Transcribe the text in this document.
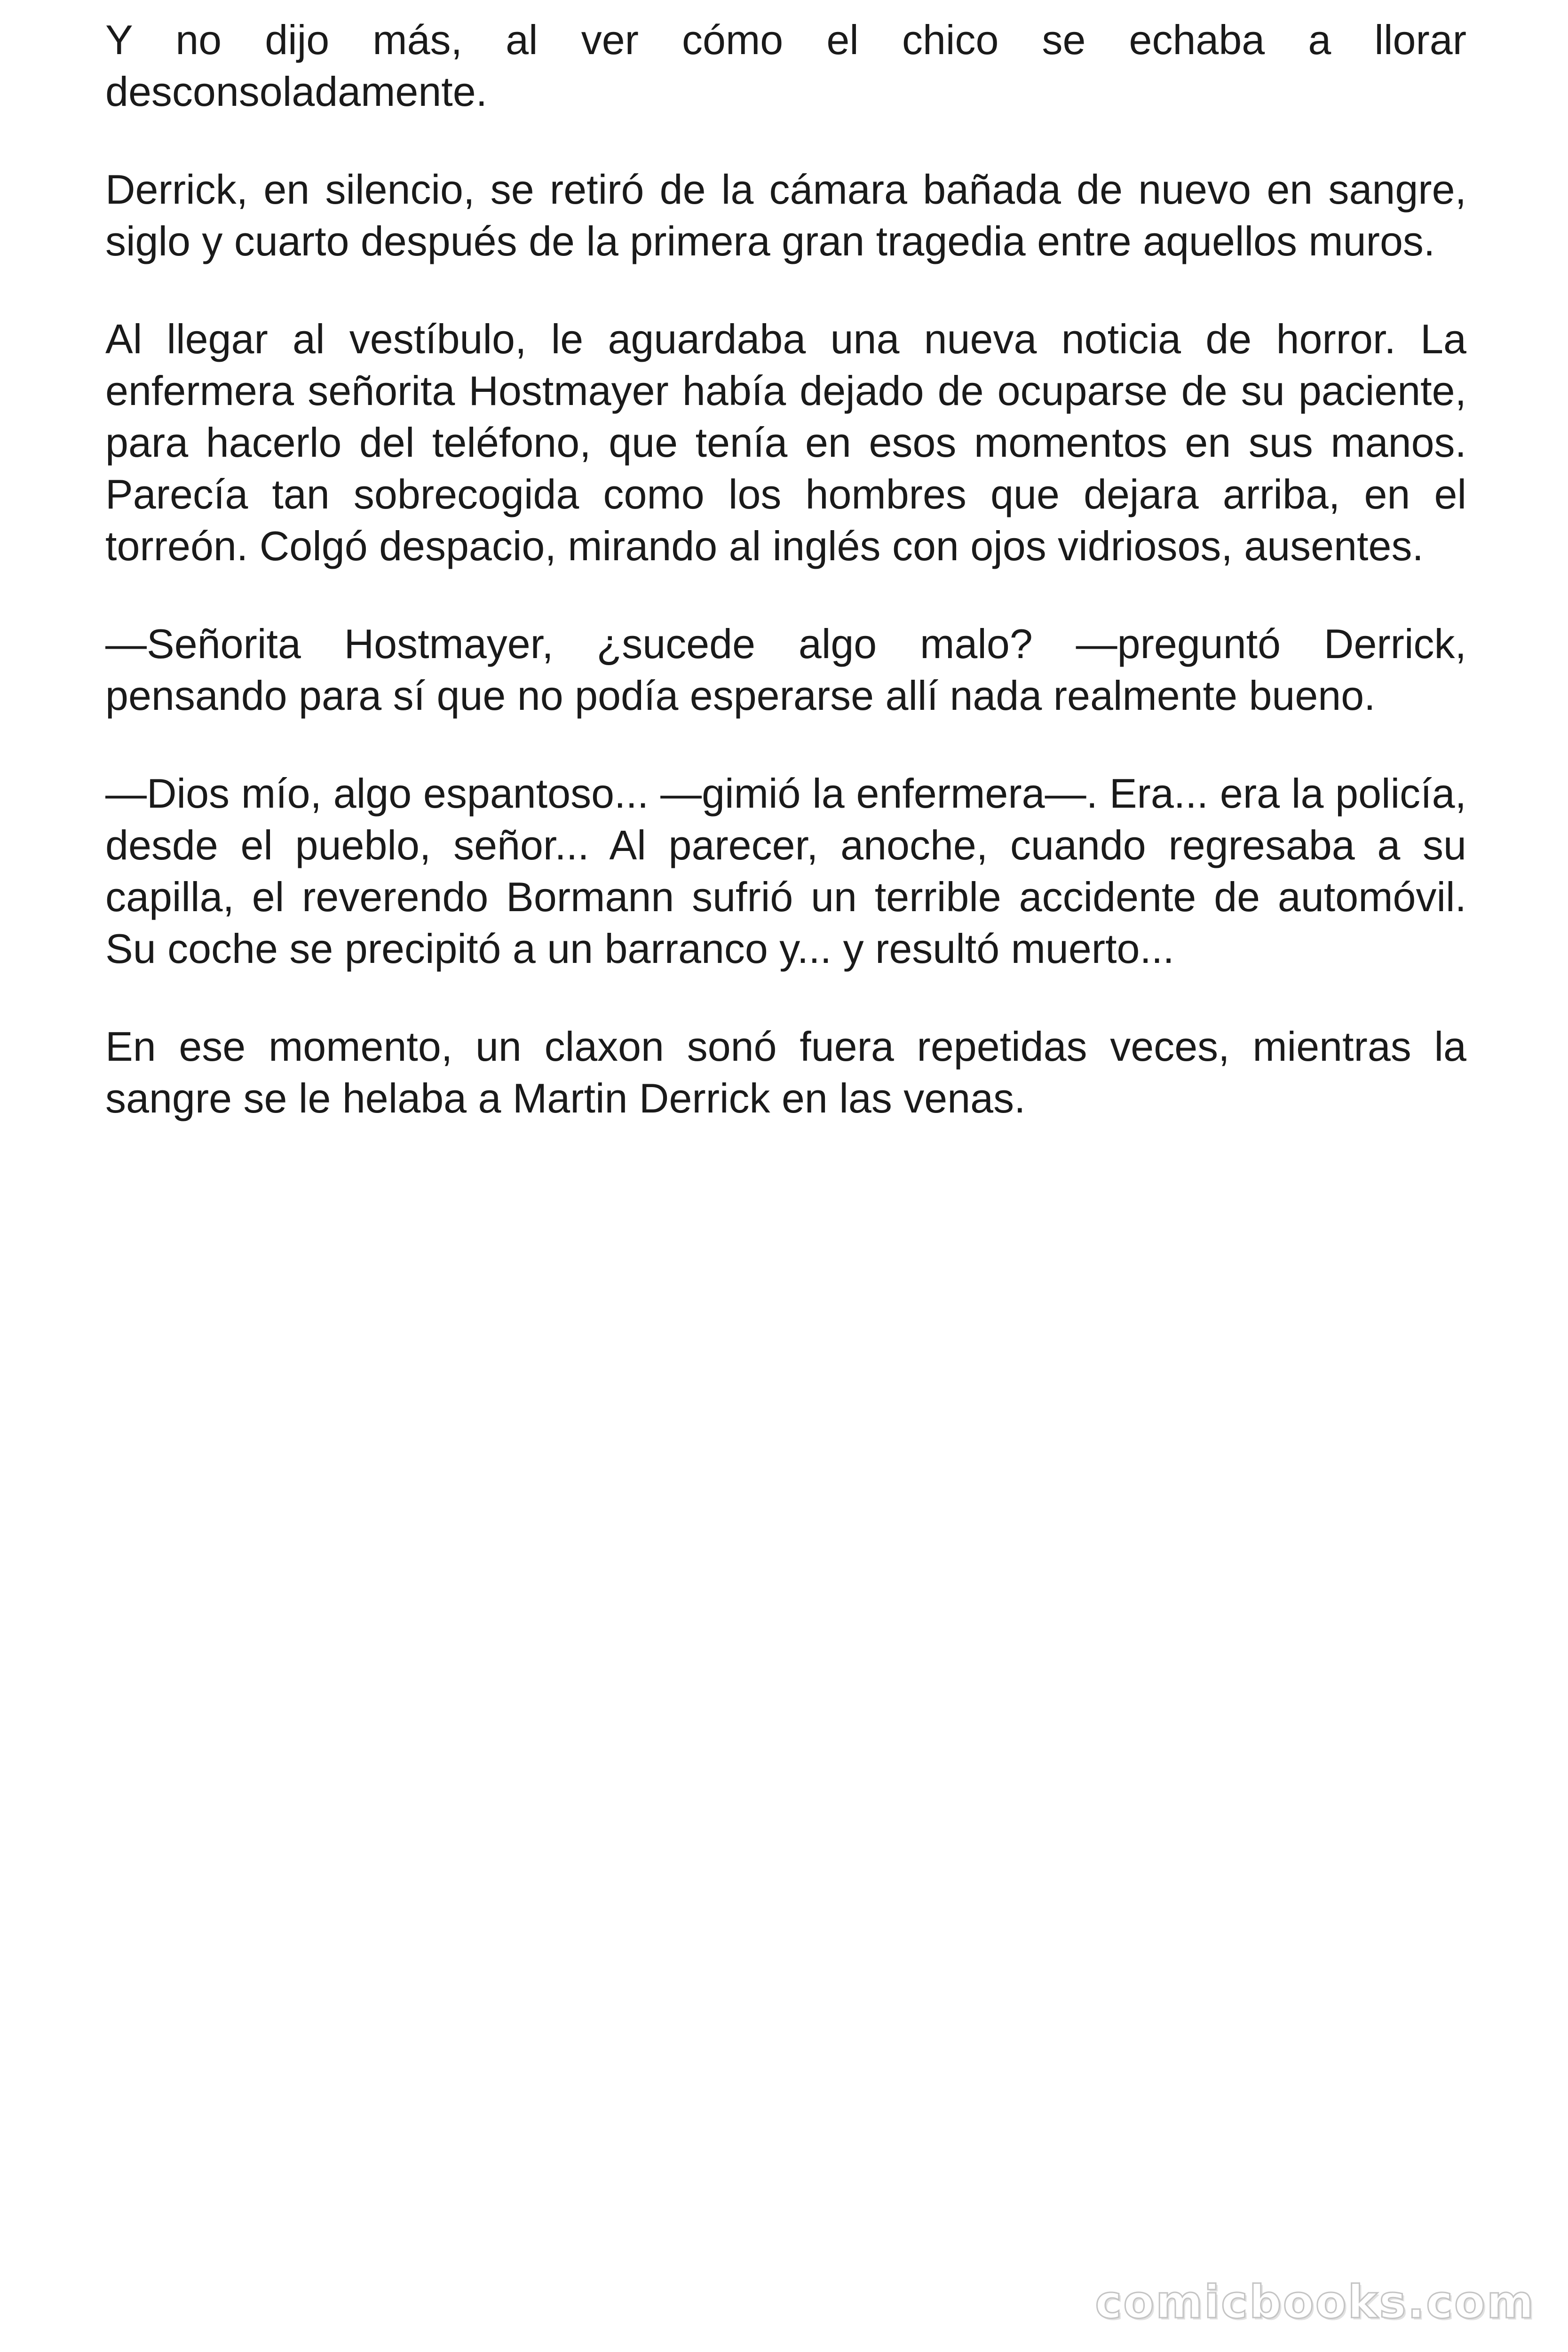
Y no dijo más, al ver cómo el chico se echaba a llorar desconsoladamente.

Derrick, en silencio, se retiró de la cámara bañada de nuevo en sangre, siglo y cuarto después de la primera gran tragedia entre aquellos muros.

Al llegar al vestíbulo, le aguardaba una nueva noticia de horror. La enfermera señorita Hostmayer había dejado de ocuparse de su paciente, para hacerlo del teléfono, que tenía en esos momentos en sus manos. Parecía tan sobrecogida como los hombres que dejara arriba, en el torreón. Colgó despacio, mirando al inglés con ojos vidriosos, ausentes.

—Señorita Hostmayer, ¿sucede algo malo? —preguntó Derrick, pensando para sí que no podía esperarse allí nada realmente bueno.

—Dios mío, algo espantoso... —gimió la enfermera—. Era... era la policía, desde el pueblo, señor... Al parecer, anoche, cuando regresaba a su capilla, el reverendo Bormann sufrió un terrible accidente de automóvil. Su coche se precipitó a un barranco y... y resultó muerto...

En ese momento, un claxon sonó fuera repetidas veces, mientras la sangre se le helaba a Martin Derrick en las venas.

comicbooks.com
